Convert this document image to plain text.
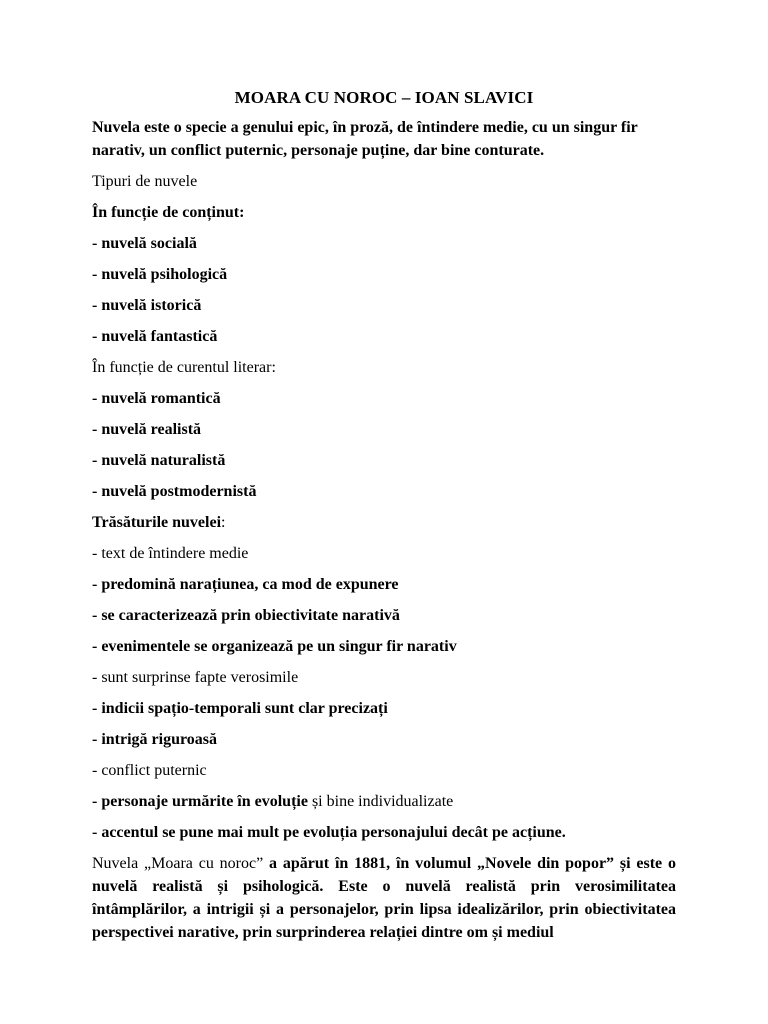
MOARA CU NOROC – IOAN SLAVICI

Nuvela este o specie a genului epic, în proză, de întindere medie, cu un singur fir narativ, un conflict puternic, personaje puține, dar bine conturate.

Tipuri de nuvele

În funcție de conținut:

- nuvelă socială

- nuvelă psihologică

- nuvelă istorică

- nuvelă fantastică

În funcție de curentul literar:

- nuvelă romantică

- nuvelă realistă

- nuvelă naturalistă

- nuvelă postmodernistă

Trăsăturile nuvelei:

- text de întindere medie

- predomină narațiunea, ca mod de expunere

- se caracterizează prin obiectivitate narativă

- evenimentele se organizează pe un singur fir narativ

- sunt surprinse fapte verosimile

- indicii spațio-temporali sunt clar precizați

- intrigă riguroasă

- conflict puternic

- personaje urmărite în evoluție și bine individualizate

- accentul se pune mai mult pe evoluția personajului decât pe acțiune.

Nuvela „Moara cu noroc” a apărut în 1881, în volumul „Novele din popor” și este o nuvelă realistă și psihologică. Este o nuvelă realistă prin verosimilitatea întâmplărilor, a intrigii și a personajelor, prin lipsa idealizărilor, prin obiectivitatea perspectivei narative, prin surprinderea relației dintre om și mediul
